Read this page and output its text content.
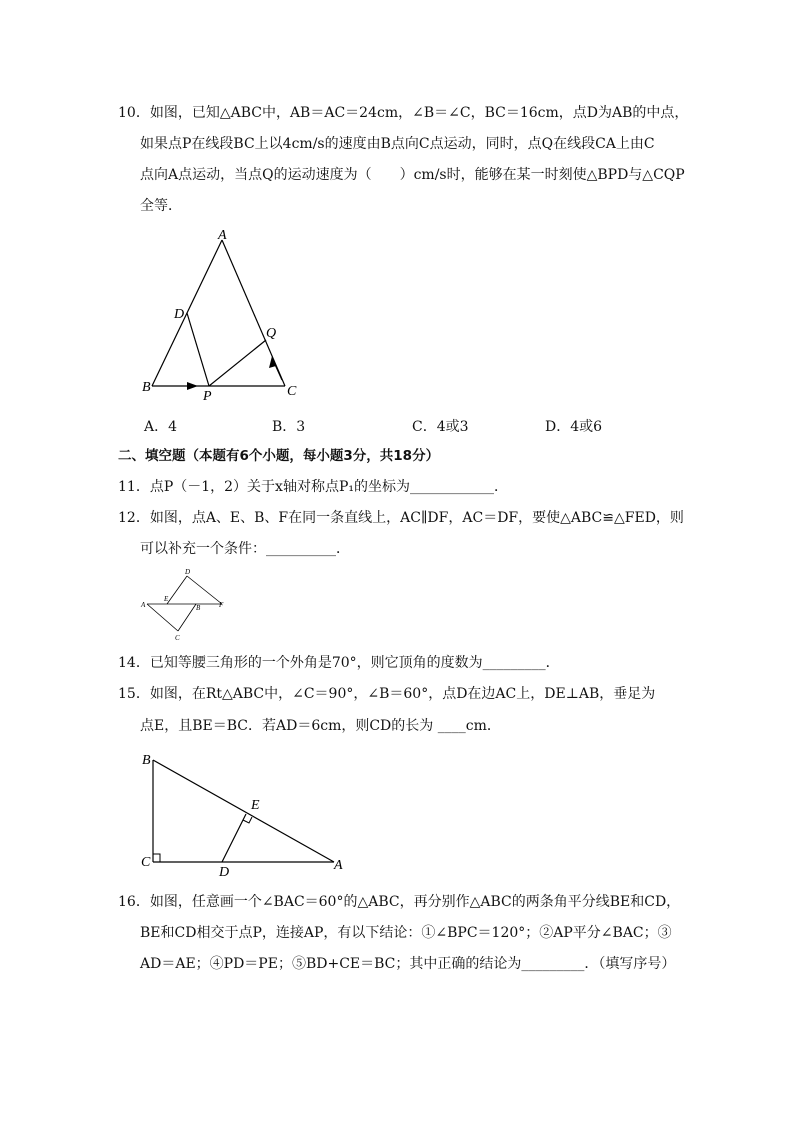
10．如图，已知△ABC中，AB＝AC＝24cm，∠B＝∠C，BC＝16cm，点D为AB的中点，
如果点P在线段BC上以4cm/s的速度由B点向C点运动，同时，点Q在线段CA上由C
点向A点运动，当点Q的运动速度为（　　）cm/s时，能够在某一时刻使△BPD与△CQP
全等．
A
B	C
D
P
Q
A．4	B．3	C．4或3	D．4或6
二、填空题（本题有6个小题，每小题3分，共18分）
11．点P（－1，2）关于x轴对称点P₁的坐标为____________．
12．如图，点A、E、B、F在同一条直线上，AC∥DF，AC＝DF，要使△ABC≌△FED，则
可以补充一个条件：__________．
A
E
B	F
C
D
14．已知等腰三角形的一个外角是70°，则它顶角的度数为_________．
15．如图，在Rt△ABC中，∠C＝90°，∠B＝60°，点D在边AC上，DE⊥AB，垂足为
点E，且BE＝BC．若AD＝6cm，则CD的长为 ____cm．
B
C
D
E
A
16．如图，任意画一个∠BAC＝60°的△ABC，再分别作△ABC的两条角平分线BE和CD，
BE和CD相交于点P，连接AP，有以下结论：①∠BPC＝120°；②AP平分∠BAC；③
AD＝AE；④PD＝PE；⑤BD+CE＝BC；其中正确的结论为_________．（填写序号）
